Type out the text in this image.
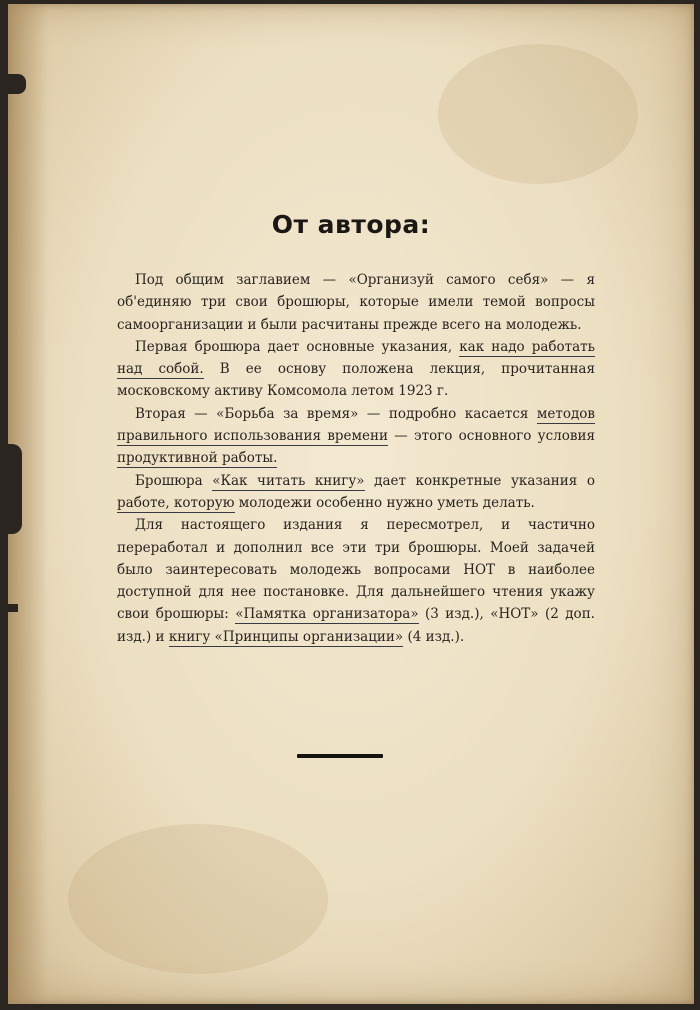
От автора:

Под общим заглавием — «Организуй самого себя» — я об'единяю три свои брошюры, которые имели темой вопросы самоорганизации и были расчитаны прежде всего на молодежь.

Первая брошюра дает основные указания, как надо работать над собой. В ее основу положена лекция, прочитанная московскому активу Комсомола летом 1923 г.

Вторая — «Борьба за время» — подробно касается методов правильного использования времени — этого основного условия продуктивной работы.

Брошюра «Как читать книгу» дает конкретные указания о работе, которую молодежи особенно нужно уметь делать.

Для настоящего издания я пересмотрел, и частично переработал и дополнил все эти три брошюры. Моей задачей было заинтересовать молодежь вопросами НОТ в наиболее доступной для нее постановке. Для дальнейшего чтения укажу свои брошюры: «Памятка организатора» (3 изд.), «НОТ» (2 доп. изд.) и книгу «Принципы организации» (4 изд.).
